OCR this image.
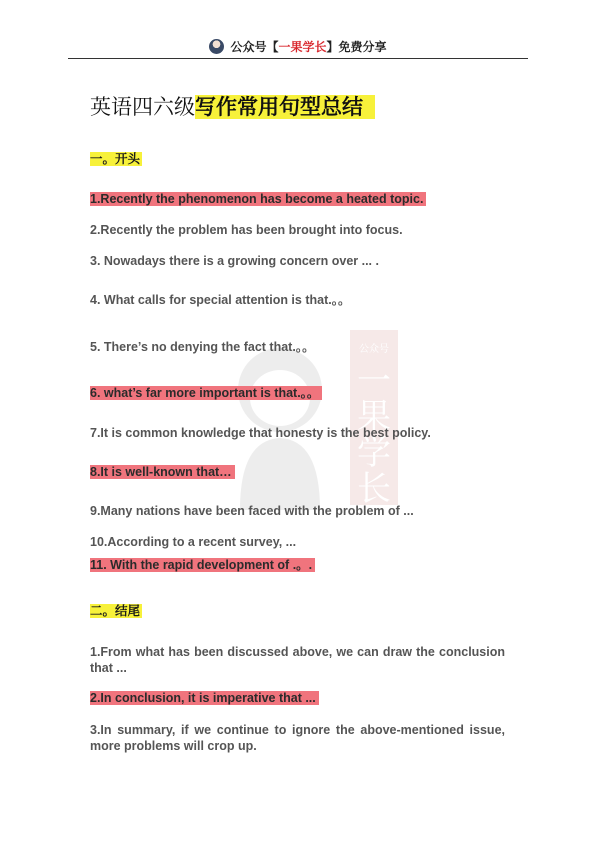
公众号【 一果学长 】免费分享
英语四六级写作常用句型总结
公众号
一
果
学
长
一。开头
1.Recently the phenomenon has become a heated topic.
2.Recently the problem has been brought into focus.
3. Nowadays there is a growing concern over ... .
4. What calls for special attention is that.。。
5. There’s no denying the fact that.。。
6. what’s far more important is that.。。
7.It is common knowledge that honesty is the best policy.
8.It is well-known that…
9.Many nations have been faced with the problem of ...
10.According to a recent survey, ...
11. With the rapid development of .。.
二。结尾
1.From what has been discussed above, we can draw the conclusion that ...
2.In conclusion, it is imperative that ...
3.In summary, if we continue to ignore the above-mentioned issue, more problems will crop up.
